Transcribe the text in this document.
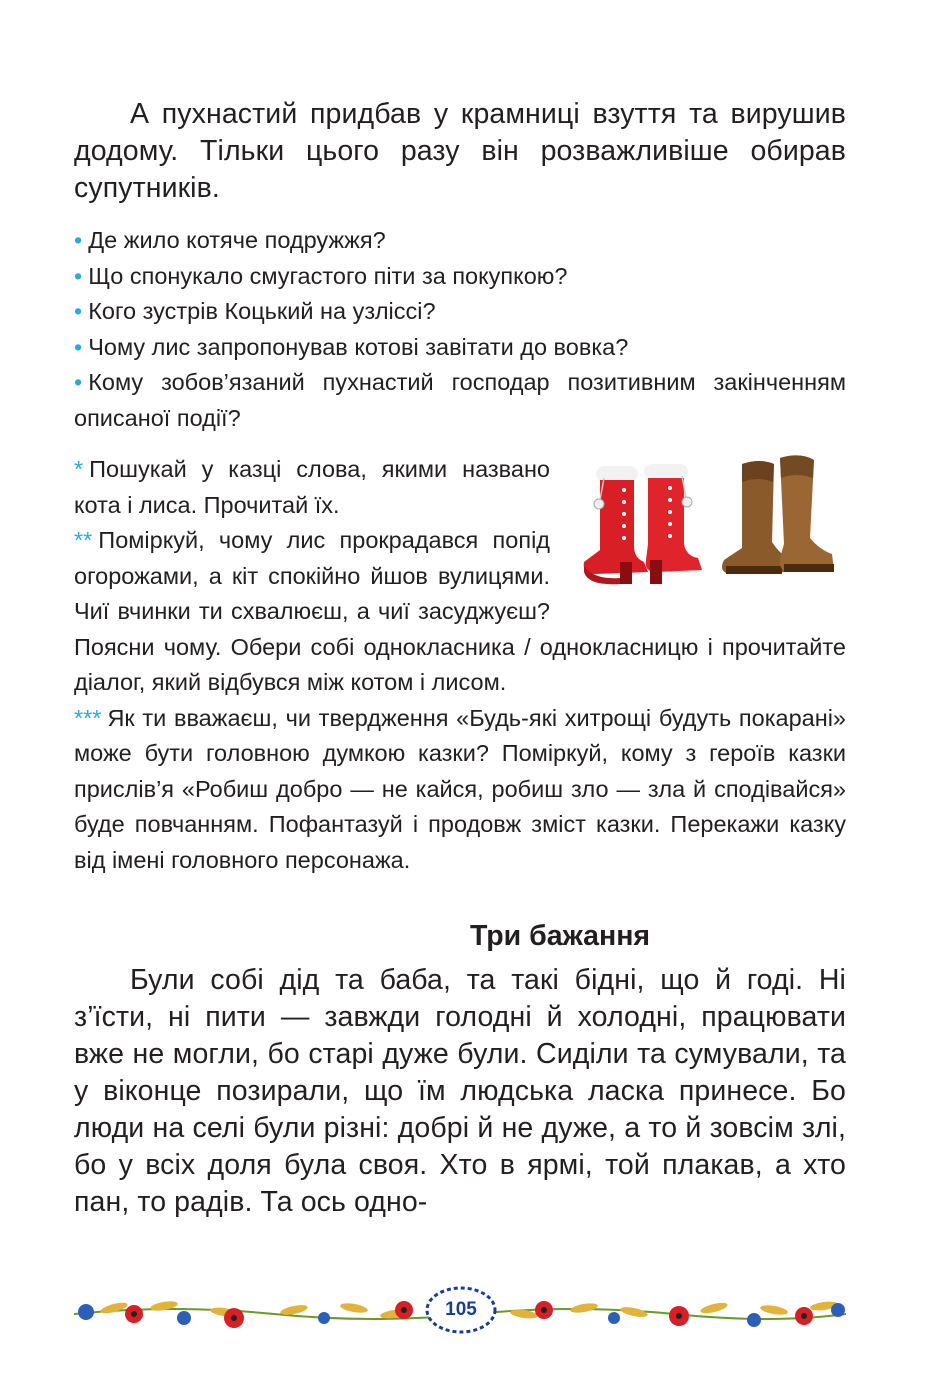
А пухнастий придбав у крамниці взуття та вирушив додому. Тільки цього разу він розважливіше обирав супутників.

• Де жило котяче подружжя?
• Що спонукало смугастого піти за покупкою?
• Кого зустрів Коцький на узліссі?
• Чому лис запропонував котові завітати до вовка?
• Кому зобов’язаний пухнастий господар позитивним закінченням описаної події?

* Пошукай у казці слова, якими названо кота і лиса. Прочитай їх.

** Поміркуй, чому лис прокрадався попід огорожами, а кіт спокійно йшов вулицями. Чиї вчинки ти схвалюєш, а чиї засуджуєш? Поясни чому. Обери собі однокласника / однокласницю і прочитайте діалог, який відбувся між котом і лисом.

*** Як ти вважаєш, чи твердження «Будь-які хитрощі будуть покарані» може бути головною думкою казки? Поміркуй, кому з героїв казки прислів’я «Робиш добро — не кайся, робиш зло — зла й сподівайся» буде повчанням. Пофантазуй і продовж зміст казки. Перекажи казку від імені головного персонажа.

Три бажання

Були собі дід та баба, та такі бідні, що й годі. Ні з’їсти, ні пити — завжди голодні й холодні, працювати вже не могли, бо старі дуже були. Сиділи та сумували, та у віконце позирали, що їм людська ласка принесе. Бо люди на селі були різні: добрі й не дуже, а то й зовсім злі, бо у всіх доля була своя. Хто в ярмі, той плакав, а хто пан, то радів. Та ось одно-

105
